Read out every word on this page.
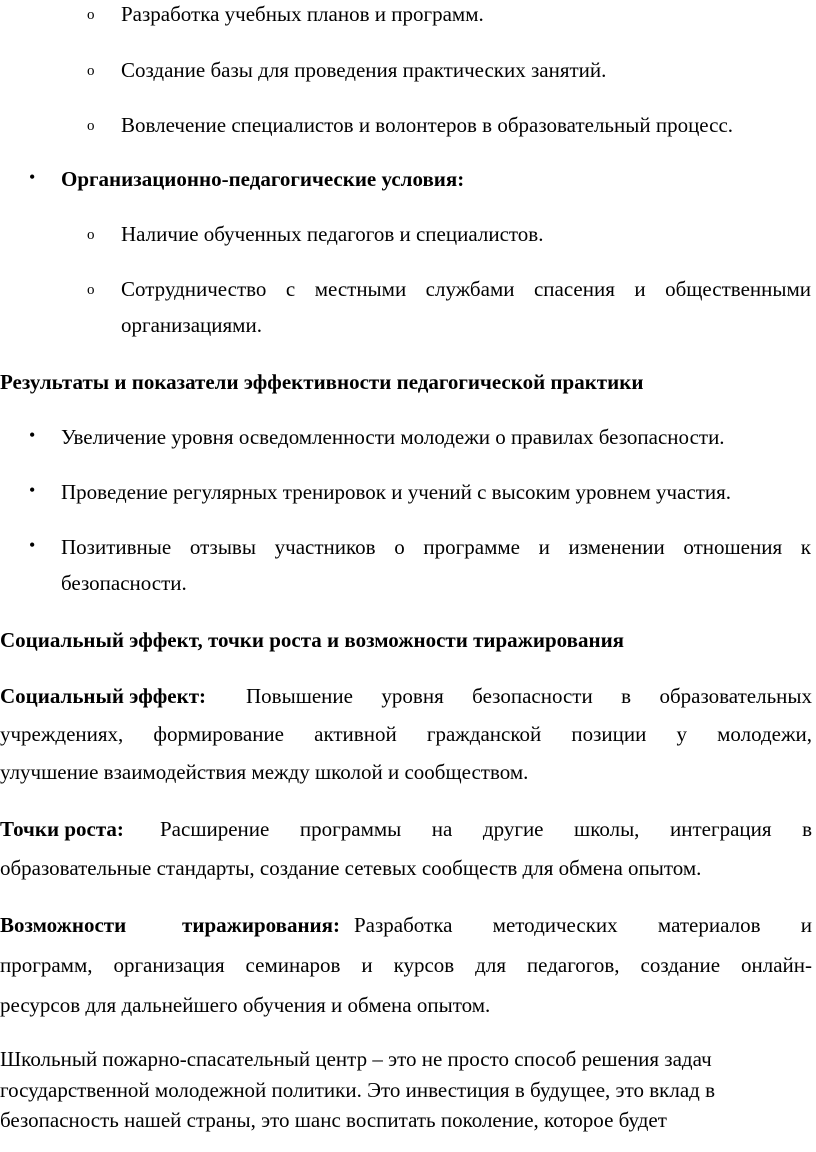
o Разработка учебных планов и программ.
o Создание базы для проведения практических занятий.
o Вовлечение специалистов и волонтеров в образовательный процесс.
• Организационно-педагогические условия:
o Наличие обученных педагогов и специалистов.
o Сотрудничество с местными службами спасения и общественными
организациями.
Результаты и показатели эффективности педагогической практики
• Увеличение уровня осведомленности молодежи о правилах безопасности.
• Проведение регулярных тренировок и учений с высоким уровнем участия.
• Позитивные отзывы участников о программе и изменении отношения к
безопасности.
Социальный эффект, точки роста и возможности тиражирования
Социальный эффект: Повышение уровня безопасности в образовательных
учреждениях, формирование активной гражданской позиции у молодежи,
улучшение взаимодействия между школой и сообществом.
Точки роста: Расширение программы на другие школы, интеграция в
образовательные стандарты, создание сетевых сообществ для обмена опытом.
Возможности тиражирования: Разработка методических материалов и
программ, организация семинаров и курсов для педагогов, создание онлайн-
ресурсов для дальнейшего обучения и обмена опытом.
Школьный пожарно-спасательный центр – это не просто способ решения задач
государственной молодежной политики. Это инвестиция в будущее, это вклад в
безопасность нашей страны, это шанс воспитать поколение, которое будет
